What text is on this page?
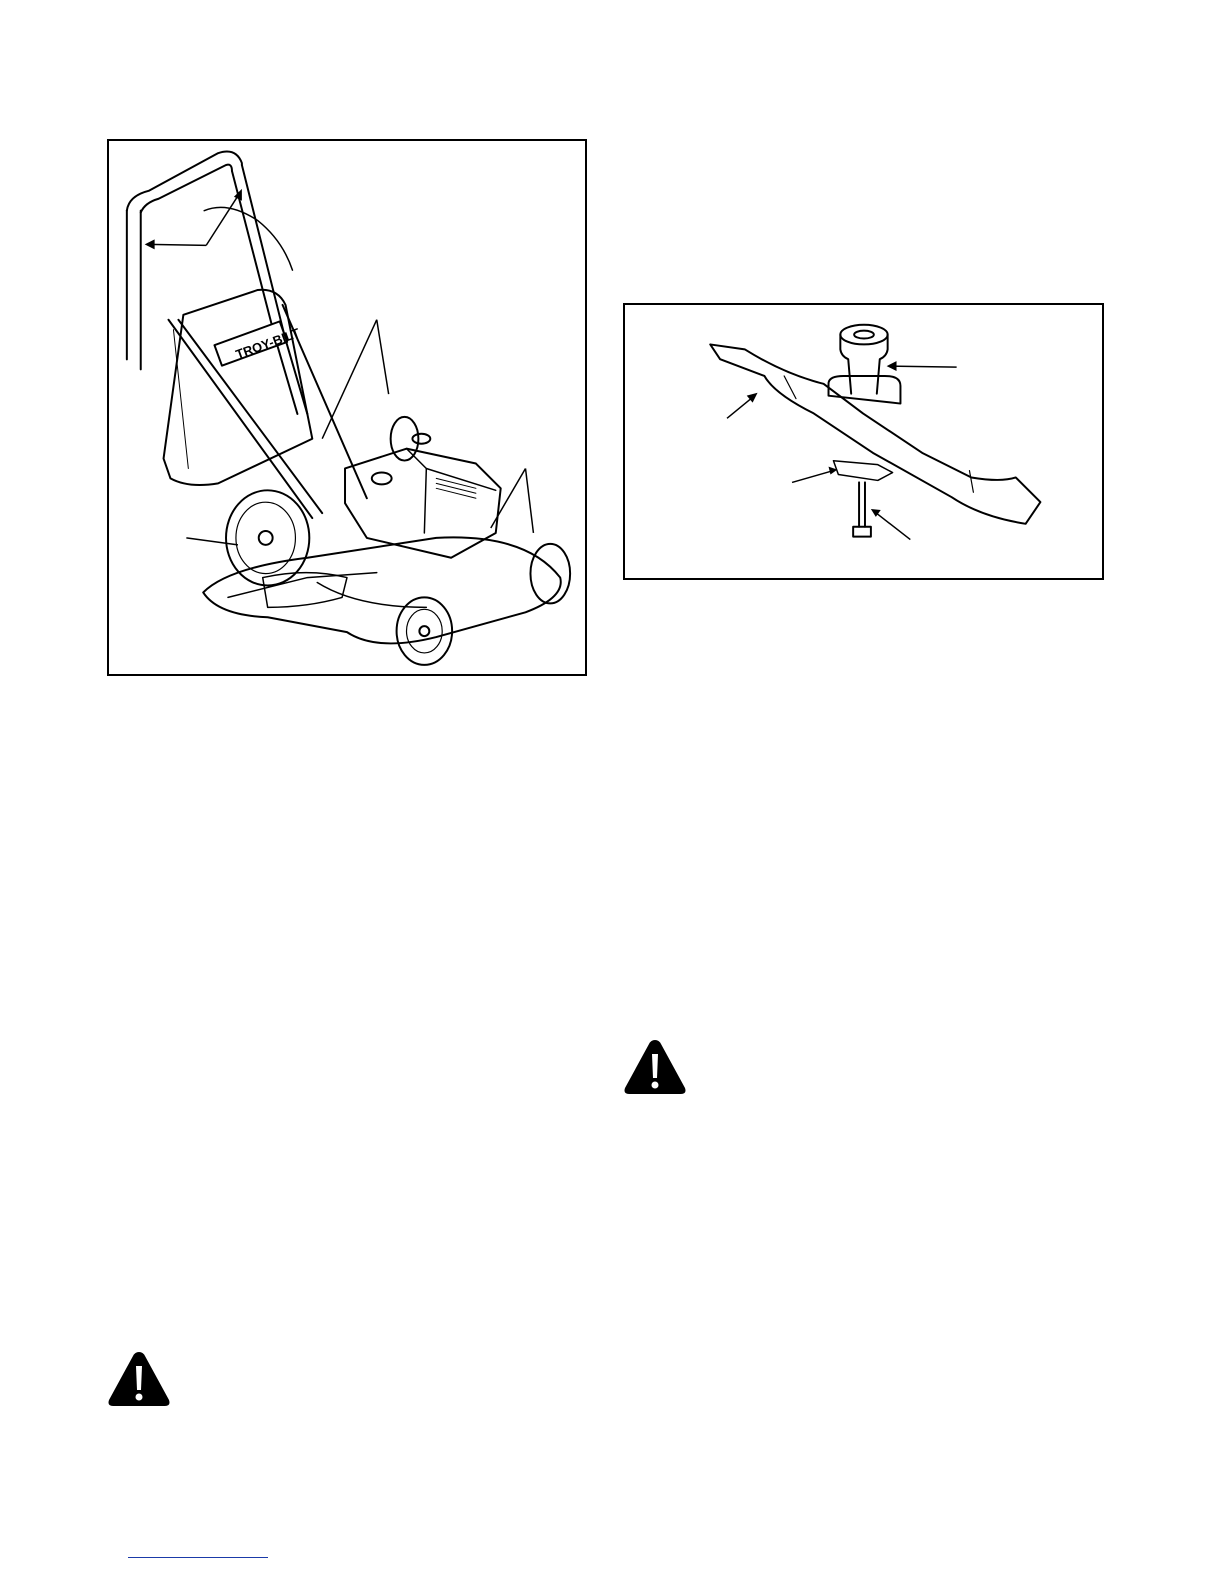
TROY-BILT
